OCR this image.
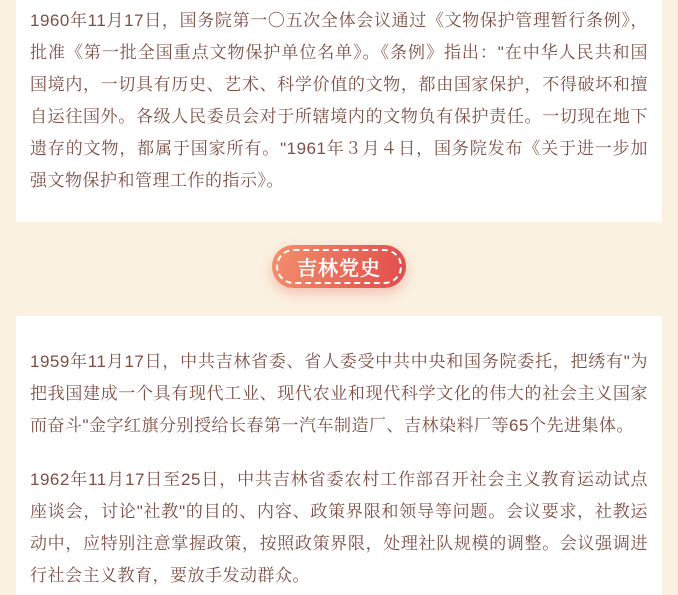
1960年11月17日，国务院第一〇五次全体会议通过《文物保护管理暂行条例》，批准《第一批全国重点文物保护单位名单》。《条例》指出："在中华人民共和国国境内，一切具有历史、艺术、科学价值的文物，都由国家保护，不得破坏和擅自运往国外。各级人民委员会对于所辖境内的文物负有保护责任。一切现在地下遗存的文物，都属于国家所有。"1961年３月４日，国务院发布《关于进一步加强文物保护和管理工作的指示》。

吉林党史

1959年11月17日，中共吉林省委、省人委受中共中央和国务院委托，把绣有"为把我国建成一个具有现代工业、现代农业和现代科学文化的伟大的社会主义国家而奋斗"金字红旗分别授给长春第一汽车制造厂、吉林染料厂等65个先进集体。

1962年11月17日至25日，中共吉林省委农村工作部召开社会主义教育运动试点座谈会，讨论"社教"的目的、内容、政策界限和领导等问题。会议要求，社教运动中，应特别注意掌握政策，按照政策界限，处理社队规模的调整。会议强调进行社会主义教育，要放手发动群众。
